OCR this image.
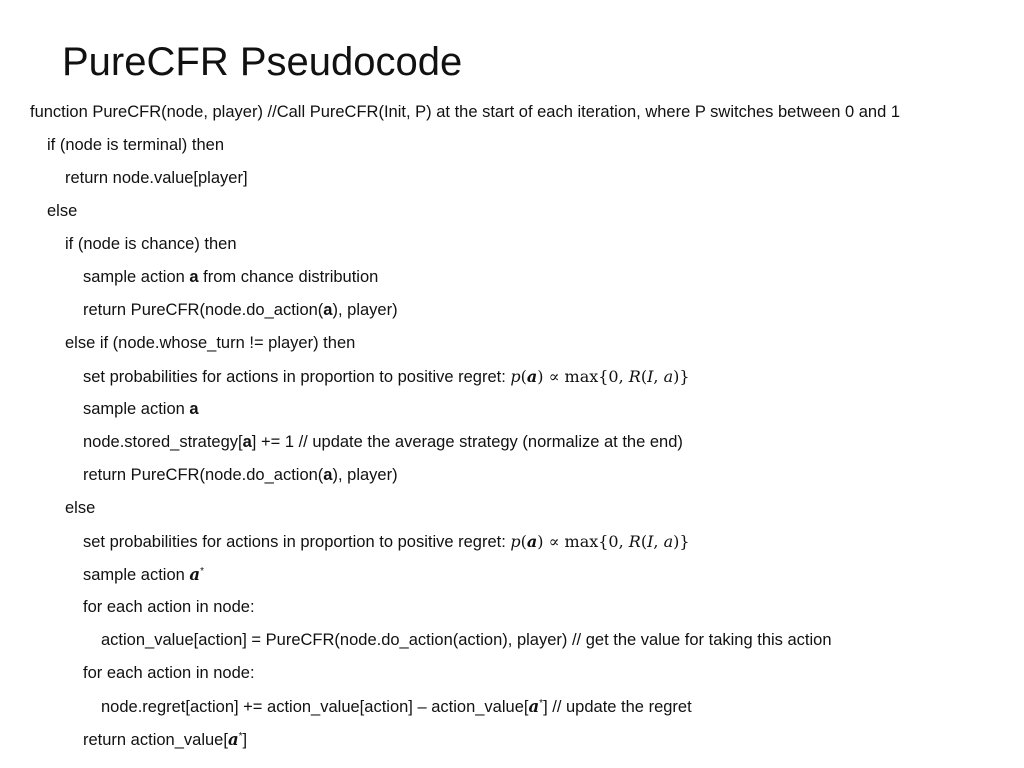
PureCFR Pseudocode
function PureCFR(node, player) //Call PureCFR(Init, P) at the start of each iteration, where P switches between 0 and 1
if (node is terminal) then
return node.value[player]
else
if (node is chance) then
sample action a from chance distribution
return PureCFR(node.do_action(a), player)
else if (node.whose_turn != player) then
set probabilities for actions in proportion to positive regret: p(a) ∝ max{0, R(I, a)}
sample action a
node.stored_strategy[a] += 1 // update the average strategy (normalize at the end)
return PureCFR(node.do_action(a), player)
else
set probabilities for actions in proportion to positive regret: p(a) ∝ max{0, R(I, a)}
sample action a*
for each action in node:
action_value[action] = PureCFR(node.do_action(action), player) // get the value for taking this action
for each action in node:
node.regret[action] += action_value[action] – action_value[a*] // update the regret
return action_value[a*]
